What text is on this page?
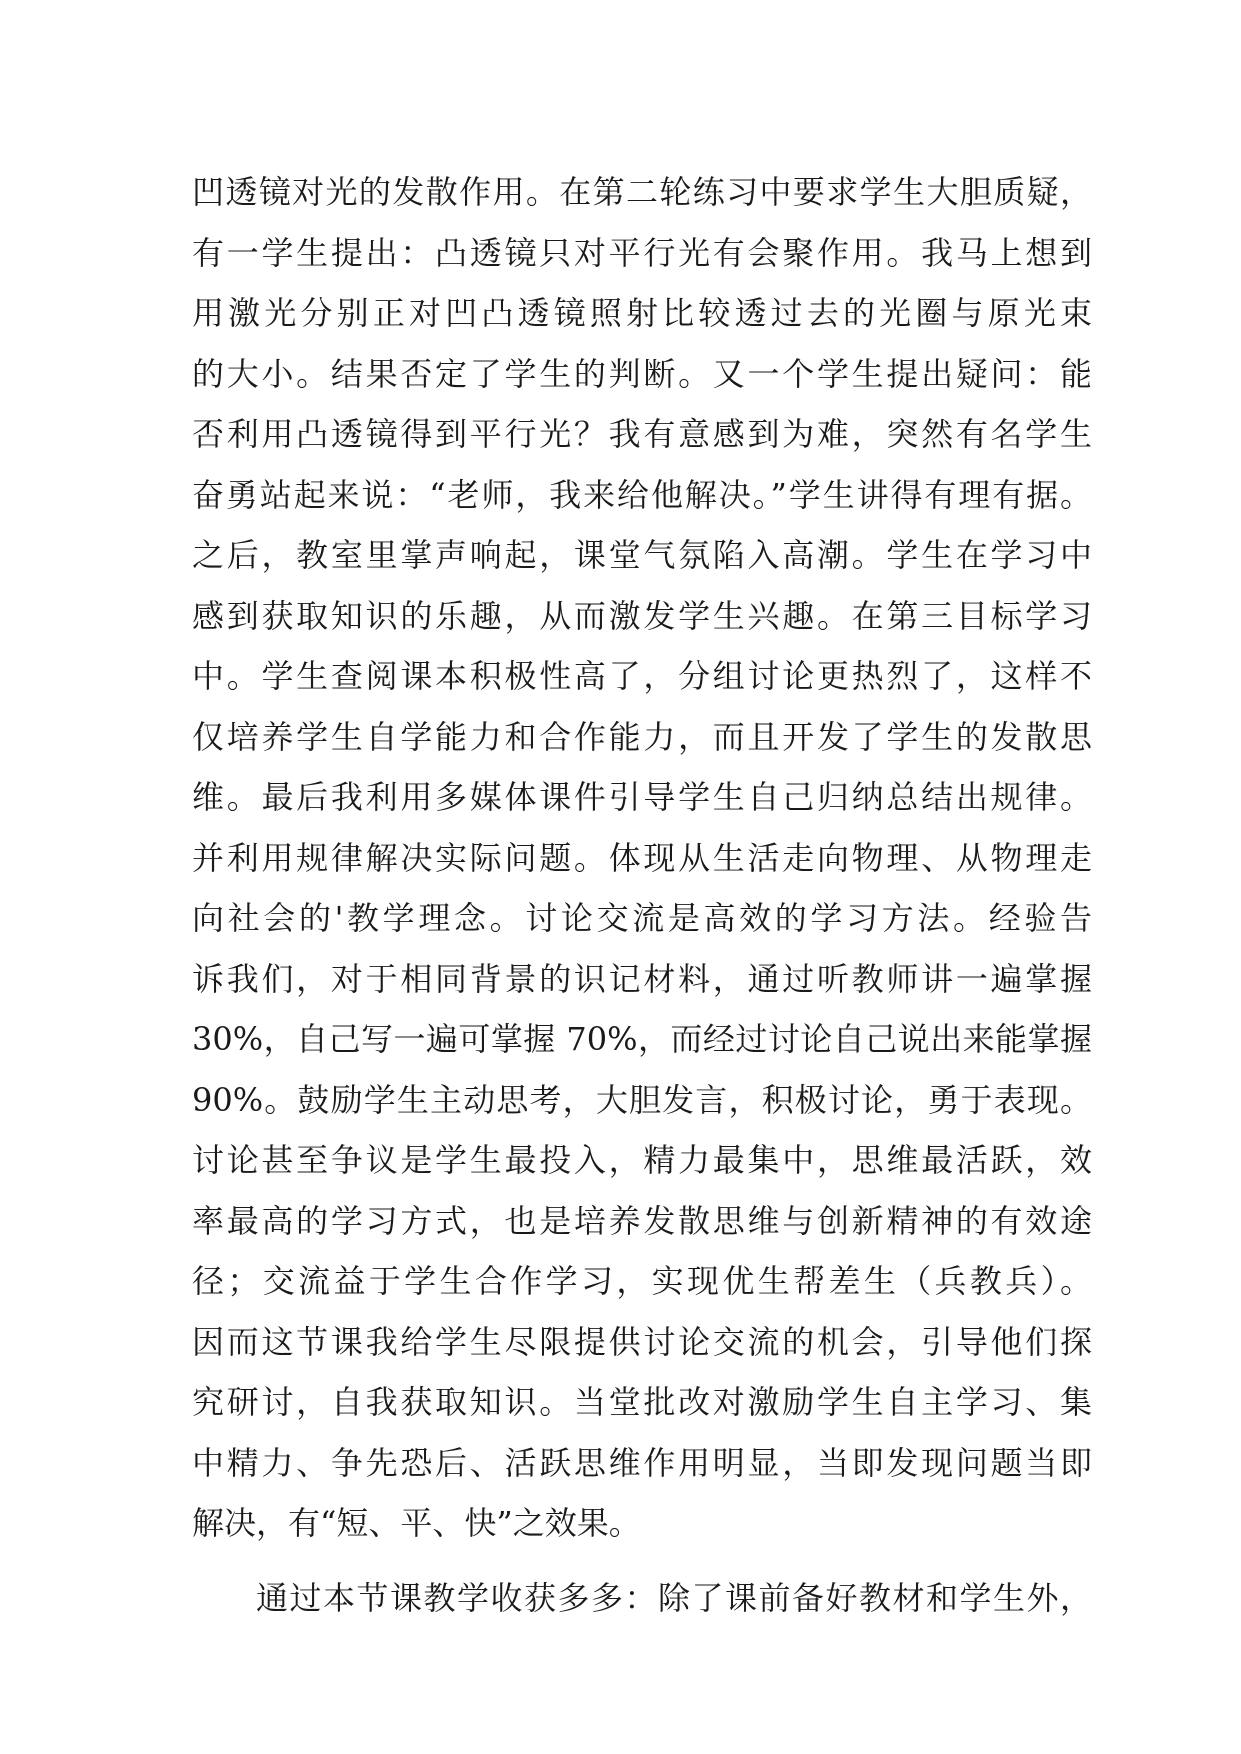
凹透镜对光的发散作用。在第二轮练习中要求学生大胆质疑，
有一学生提出：凸透镜只对平行光有会聚作用。我马上想到
用激光分别正对凹凸透镜照射比较透过去的光圈与原光束
的大小。结果否定了学生的判断。又一个学生提出疑问：能
否利用凸透镜得到平行光？我有意感到为难，突然有名学生
奋勇站起来说：“老师，我来给他解决。”学生讲得有理有据。
之后，教室里掌声响起，课堂气氛陷入高潮。学生在学习中
感到获取知识的乐趣，从而激发学生兴趣。在第三目标学习
中。学生查阅课本积极性高了，分组讨论更热烈了，这样不
仅培养学生自学能力和合作能力，而且开发了学生的发散思
维。最后我利用多媒体课件引导学生自己归纳总结出规律。
并利用规律解决实际问题。体现从生活走向物理、从物理走
向社会的'教学理念。讨论交流是高效的学习方法。经验告
诉我们，对于相同背景的识记材料，通过听教师讲一遍掌握
30%，自己写一遍可掌握 70%，而经过讨论自己说出来能掌握
90%。鼓励学生主动思考，大胆发言，积极讨论，勇于表现。
讨论甚至争议是学生最投入，精力最集中，思维最活跃，效
率最高的学习方式，也是培养发散思维与创新精神的有效途
径；交流益于学生合作学习，实现优生帮差生（兵教兵）。
因而这节课我给学生尽限提供讨论交流的机会，引导他们探
究研讨，自我获取知识。当堂批改对激励学生自主学习、集
中精力、争先恐后、活跃思维作用明显，当即发现问题当即
解决，有“短、平、快”之效果。
通过本节课教学收获多多：除了课前备好教材和学生外，
